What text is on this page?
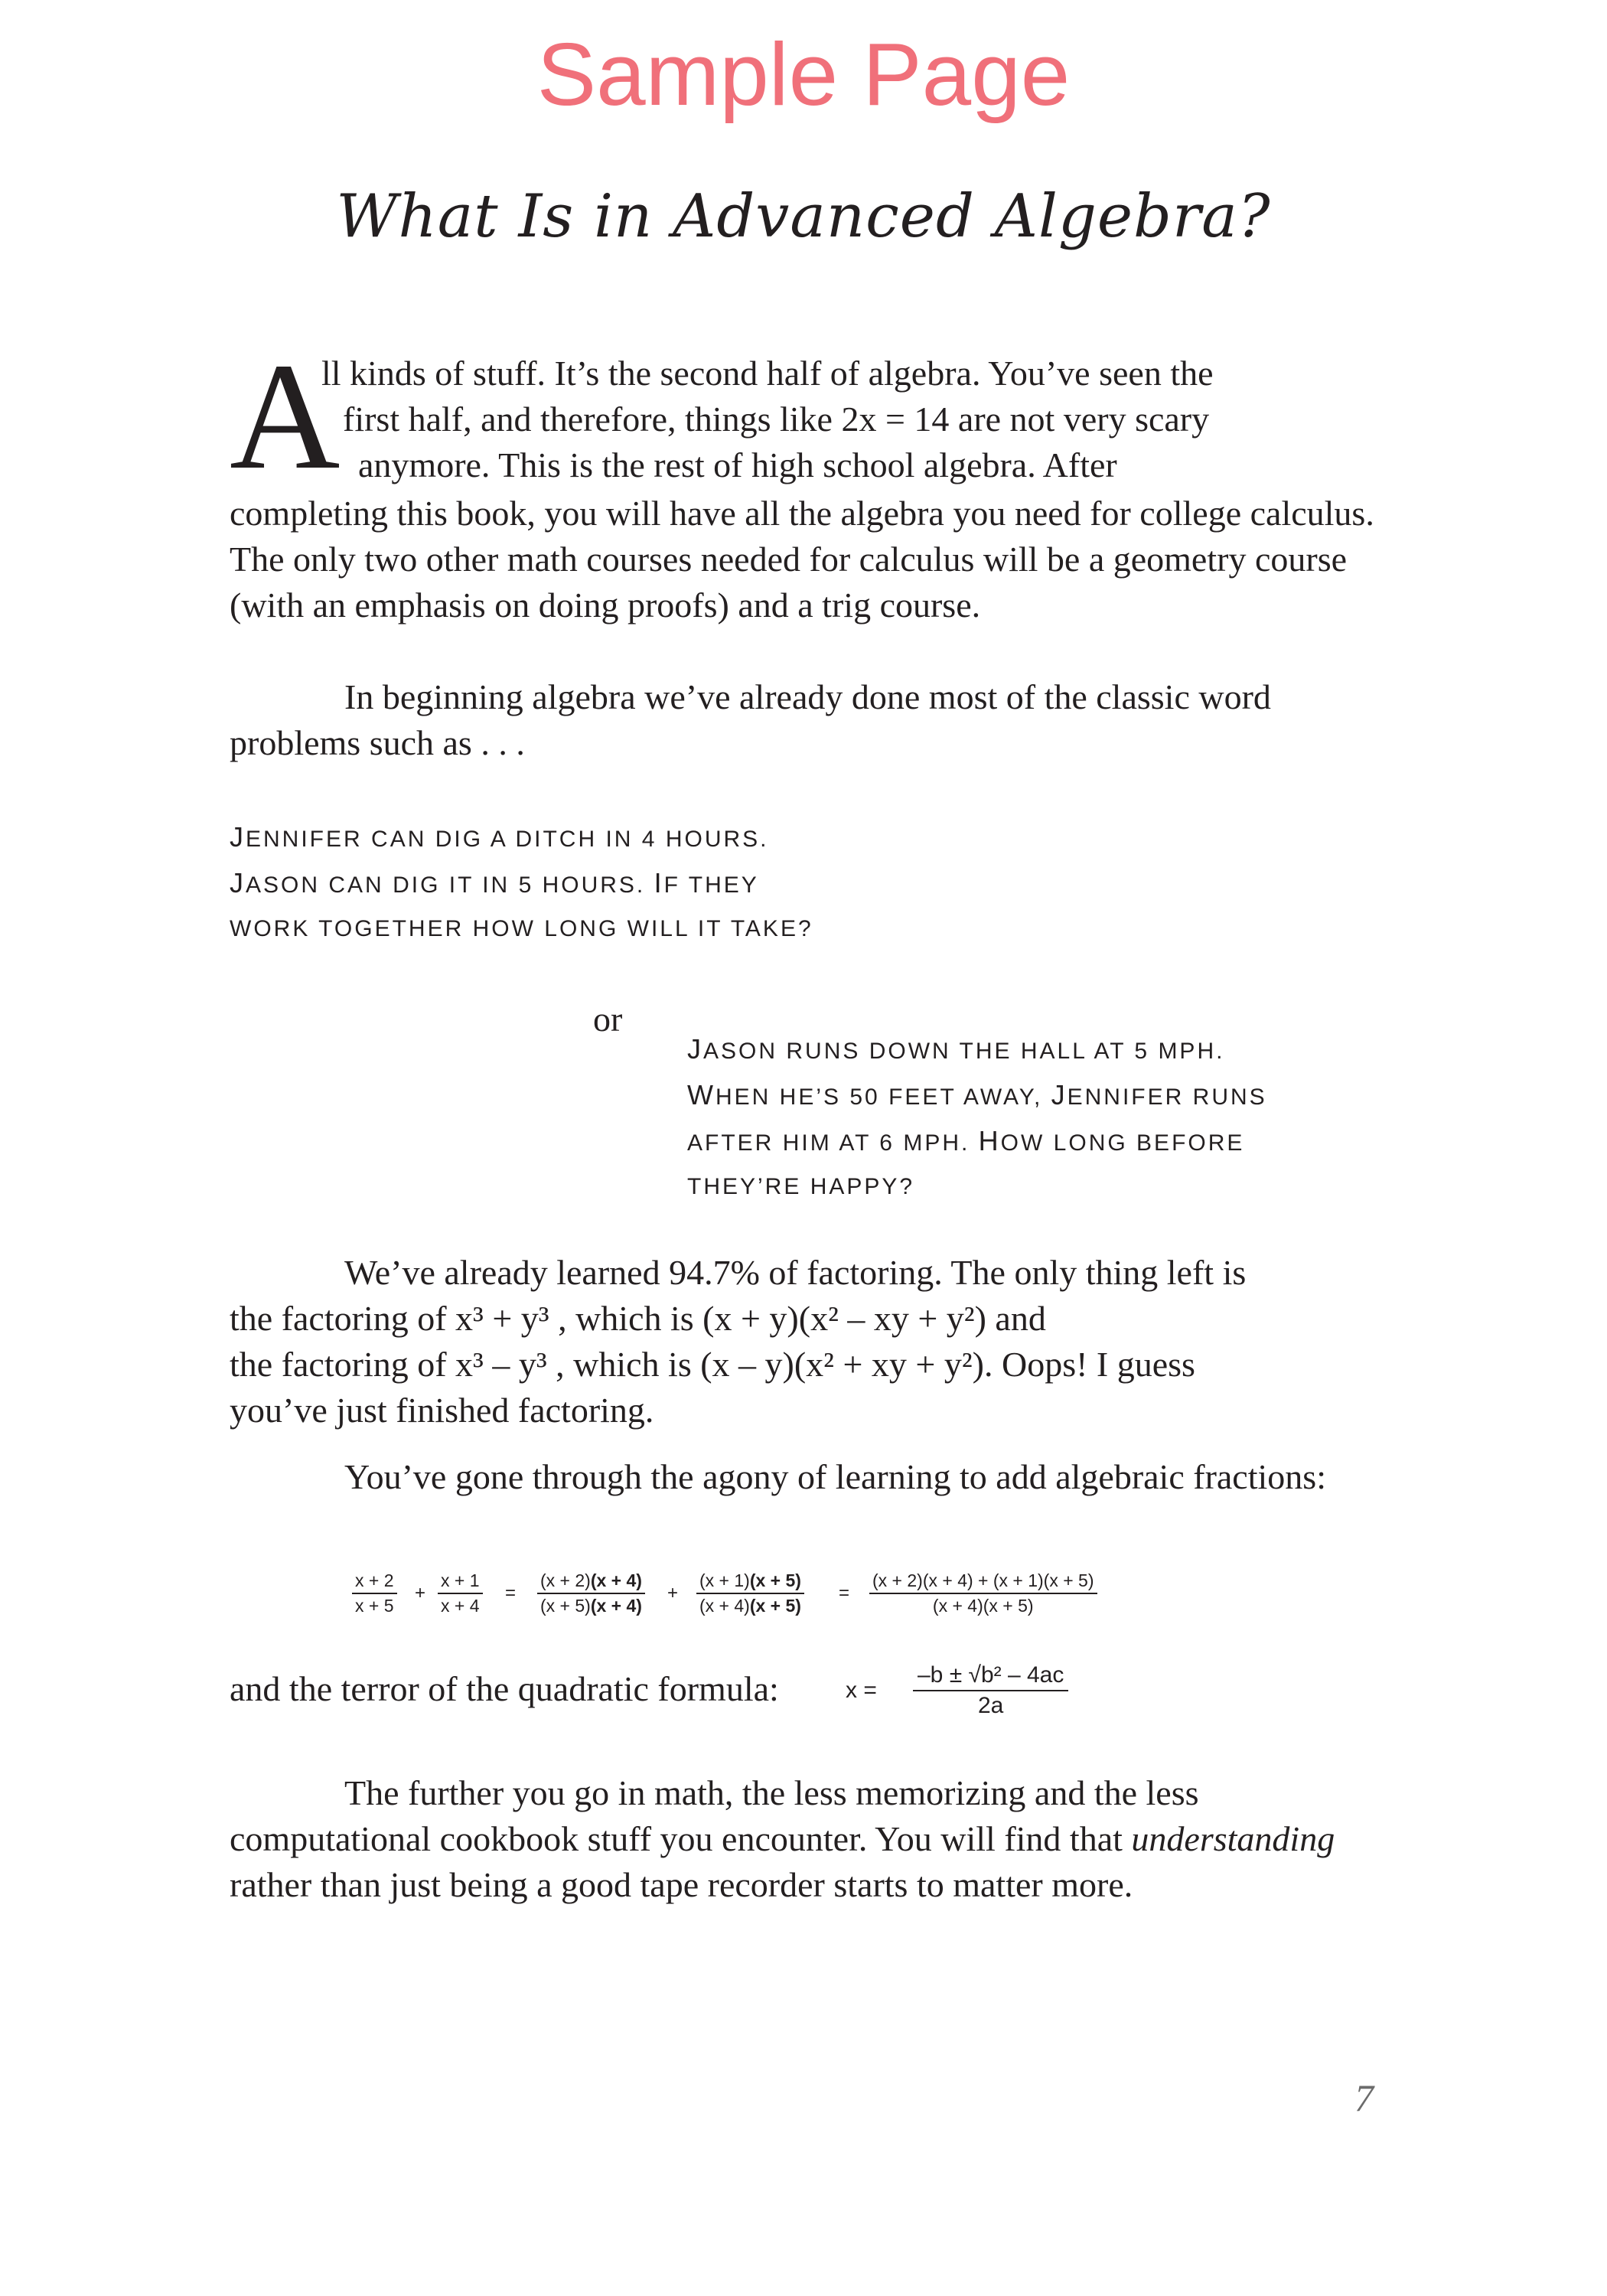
Sample Page
What Is in Advanced Algebra?
A
ll kinds of stuff. It’s the second half of algebra. You’ve seen the
first half, and therefore, things like 2x = 14 are not very scary
anymore. This is the rest of high school algebra. After

completing this book, you will have all the algebra you need for college calculus. The only two other math courses needed for calculus will be a geometry course (with an emphasis on doing proofs) and a trig course.

In beginning algebra we’ve already done most of the classic word problems such as . . .

JENNIFER CAN DIG A DITCH IN 4 HOURS.
JASON CAN DIG IT IN 5 HOURS. IF THEY
WORK TOGETHER HOW LONG WILL IT TAKE?
or
JASON RUNS DOWN THE HALL AT 5 MPH.
WHEN HE’S 50 FEET AWAY, JENNIFER RUNS
AFTER HIM AT 6 MPH. HOW LONG BEFORE
THEY’RE HAPPY?
We’ve already learned 94.7% of factoring. The only thing left is
the factoring of x³ + y³ , which is (x + y)(x² – xy + y²) and
the factoring of x³ – y³ , which is (x – y)(x² + xy + y²). Oops! I guess
you’ve just finished factoring.

You’ve gone through the agony of learning to add algebraic fractions:

$\frac{x + 2}{x + 5} + \frac{x + 1}{x + 4} = \frac{(x + 2)(x + 4)}{(x + 5)(x + 4)} + \frac{(x + 1)(x + 5)}{(x + 4)(x + 5)} = \frac{(x + 2)(x + 4) + (x + 1)(x + 5)}{(x + 4)(x + 5)}$
and the terror of the quadratic formula:	$x = \frac{\text{–b ± √b² – 4ac}}{2a}$

The further you go in math, the less memorizing and the less computational cookbook stuff you encounter. You will find that understanding rather than just being a good tape recorder starts to matter more.

7
